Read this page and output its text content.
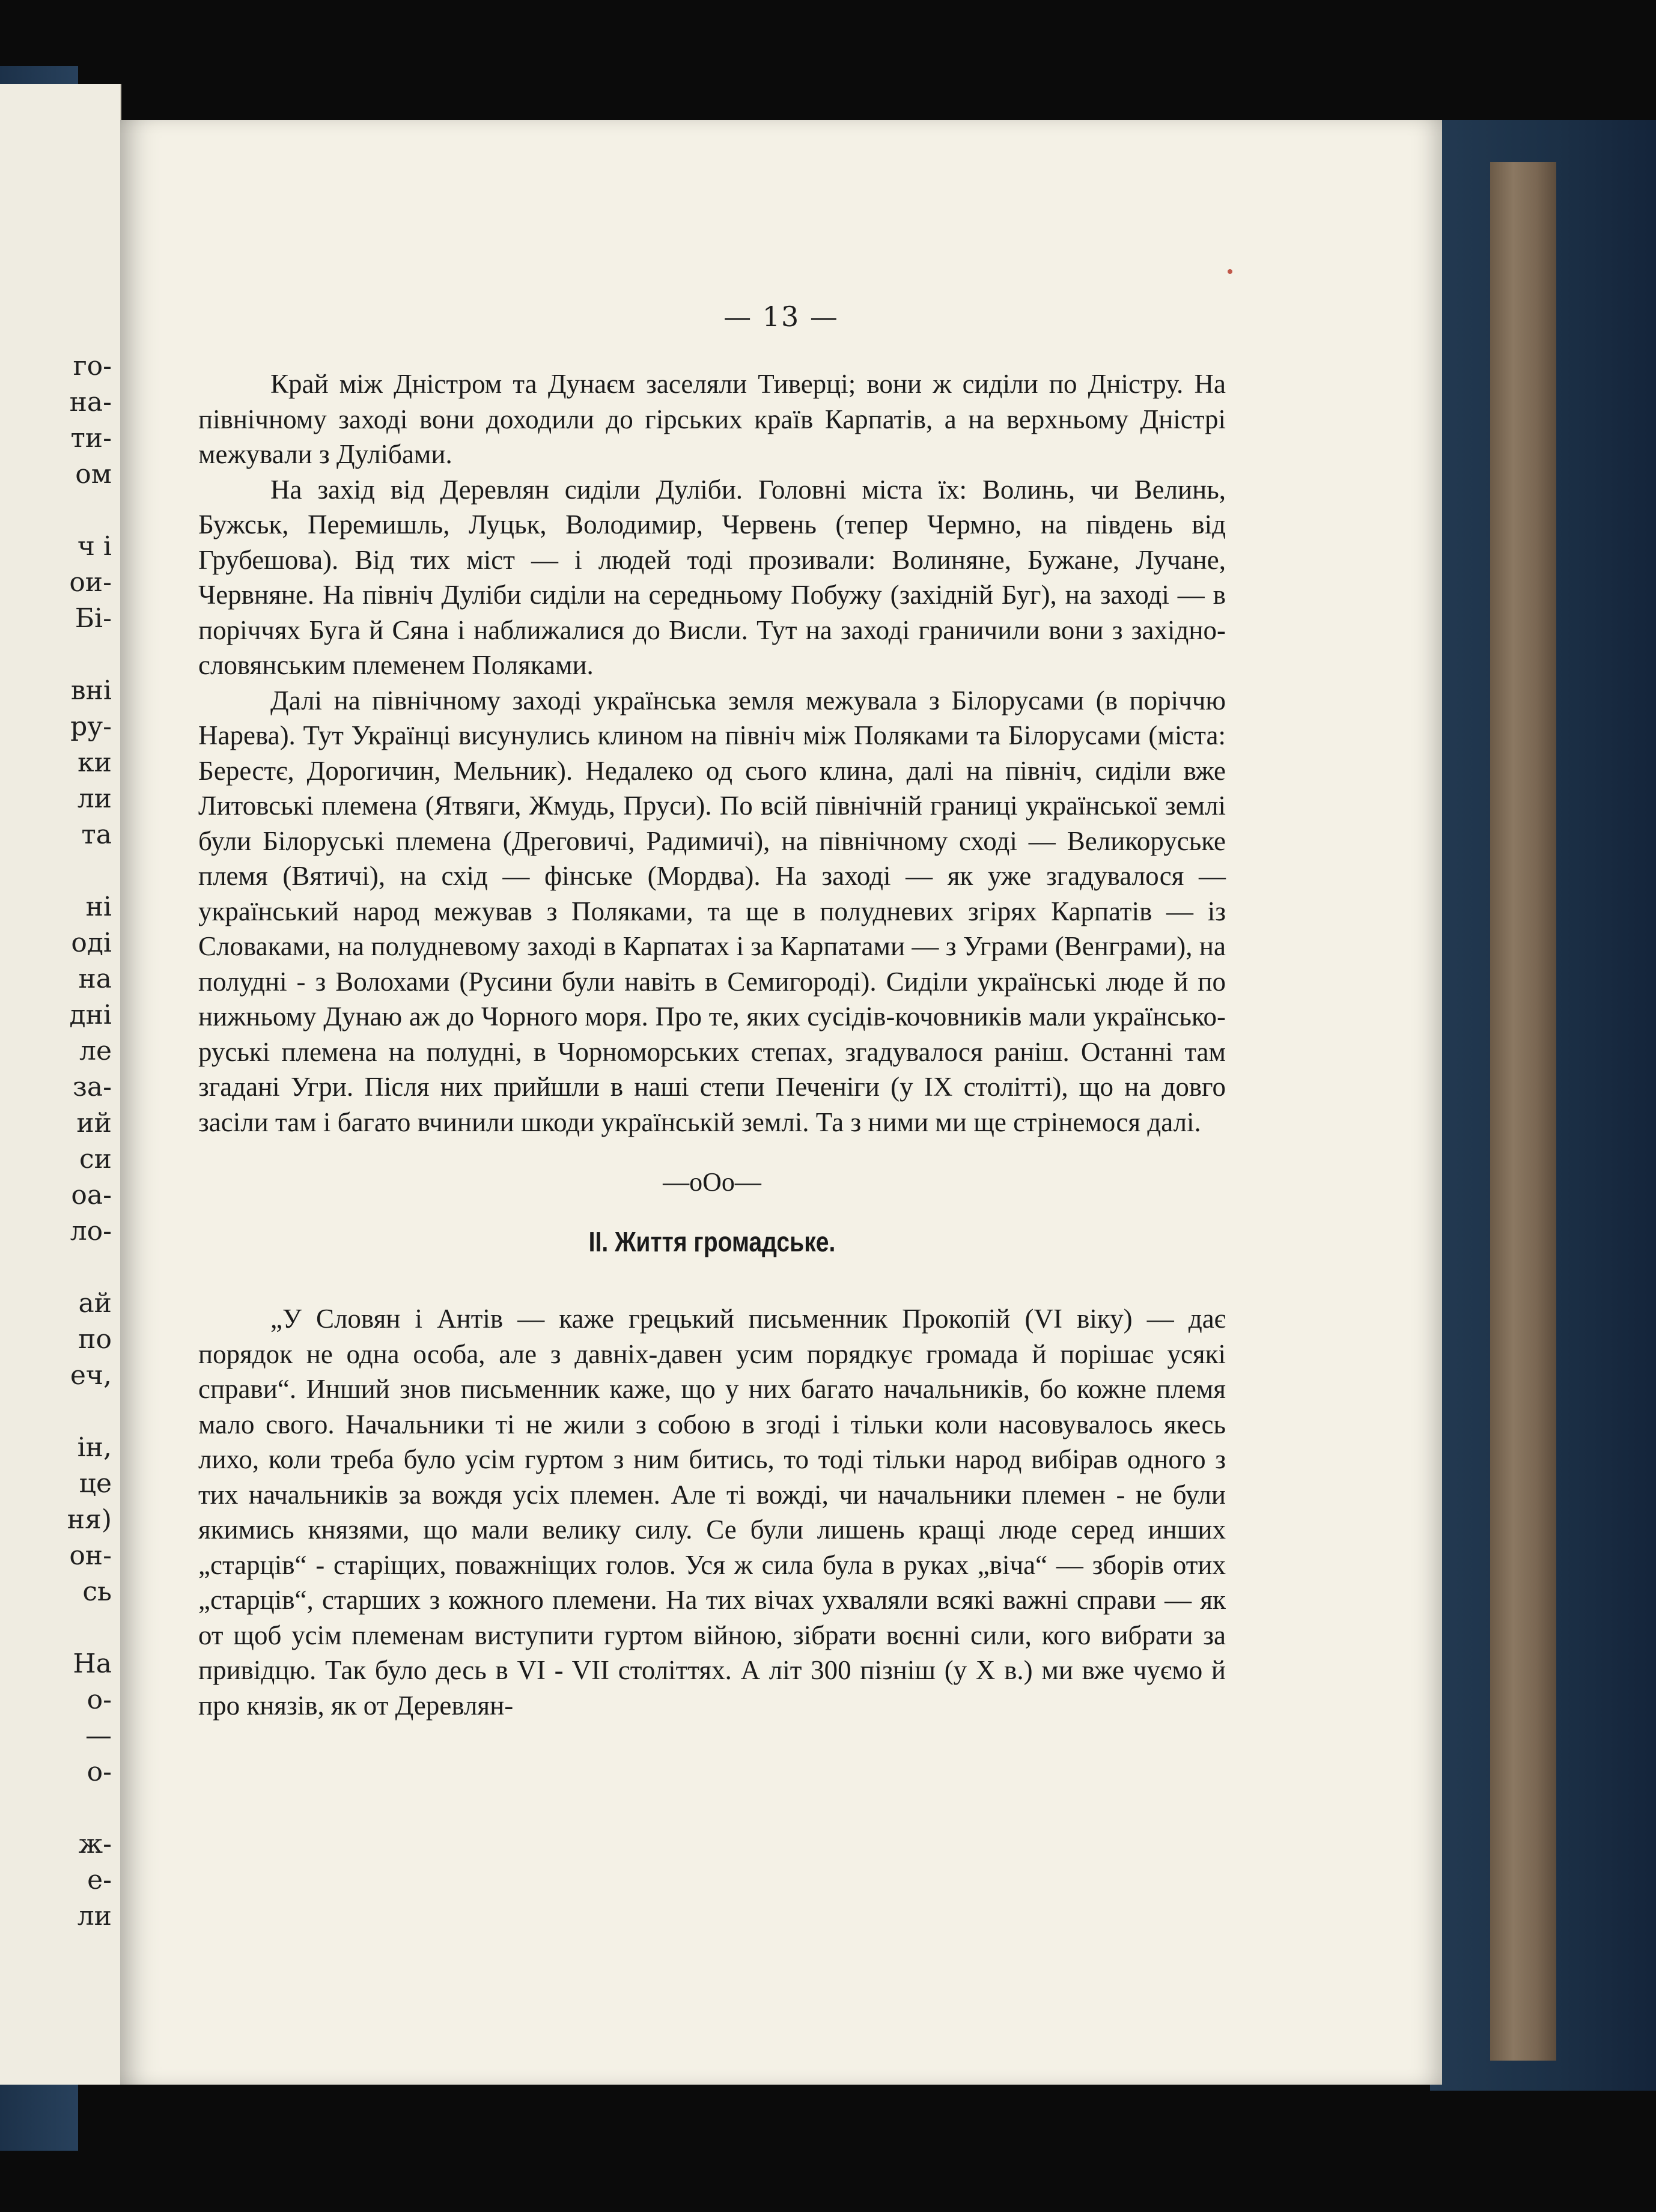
го-
на-
ти-
ом
ч і
ои-
Бі-
вні
ру-
ки
ли
та
ні
оді
на
дні
ле
за-
ий
си
оа-
ло-
ай
по
еч,
ін,
це
ня)
он-
сь
На
о-
—
о-
ж-
е-
ли
— 13 —

Край між Дністром та Дунаєм заселяли Тиверці; вони ж сиділи по Дністру. На північному заході вони доходили до гірських країв Карпатів, а на верхньому Дністрі межували з Дулібами.

На захід від Деревлян сиділи Дуліби. Головні міста їх: Волинь, чи Велинь, Бужськ, Перемишль, Луцьк, Володимир, Червень (тепер Чермно, на південь від Грубешова). Від тих міст — і людей тоді прозивали: Волиняне, Бужане, Лучане, Червняне. На північ Дуліби сиділи на середньому Побужу (західній Буг), на заході — в поріччях Буга й Сяна і наближалися до Висли. Тут на заході граничили вони з західно-словянським племенем Поляками.

Далі на північному заході українська земля межувала з Білорусами (в поріччю Нарева). Тут Українці висунулись клином на північ між Поляками та Білорусами (міста: Берестє, Дорогичин, Мельник). Недалеко од сього клина, далі на північ, сиділи вже Литовські племена (Ятвяги, Жмудь, Пруси). По всій північній границі української землі були Білоруські племена (Дреговичі, Радимичі), на північному сході — Великоруське племя (Вятичі), на схід — фінське (Мордва). На заході — як уже згадувалося — український народ межував з Поляками, та ще в полудневих згірях Карпатів — із Словаками, на полудневому заході в Карпатах і за Карпатами — з Уграми (Венграми), на полудні - з Волохами (Русини були навіть в Семигороді). Сиділи українські люде й по нижньому Дунаю аж до Чорного моря. Про те, яких сусідів-кочовників мали українсько-руські племена на полудні, в Чорноморських степах, згадувалося раніш. Останні там згадані Угри. Після них прийшли в наші степи Печеніги (у IX столітті), що на довго засіли там і багато вчинили шкоди українській землі. Та з ними ми ще стрінемося далі.

—oOo—
II. Життя громадське.

„У Словян і Антів — каже грецький письменник Прокопій (VI віку) — дає порядок не одна особа, але з давніх-давен усим порядкує громада й порішає усякі справи“. Инший знов письменник каже, що у них багато начальників, бо кожне племя мало свого. Начальники ті не жили з собою в згоді і тільки коли насовувалось якесь лихо, коли треба було усім гуртом з ним битись, то тоді тільки народ вибірав одного з тих начальників за вождя усіх племен. Але ті вожді, чи начальники племен - не були якимись князями, що мали велику силу. Се були лишень кращі люде серед инших „старців“ - старіщих, поважніщих голов. Уся ж сила була в руках „віча“ — зборів отих „старців“, старших з кожного племени. На тих вічах ухваляли всякі важні справи — як от щоб усім племенам виступити гуртом війною, зібрати воєнні сили, кого вибрати за привідцю. Так було десь в VI - VII століттях. А літ 300 пізніш (у X в.) ми вже чуємо й про князів, як от Деревлян-
